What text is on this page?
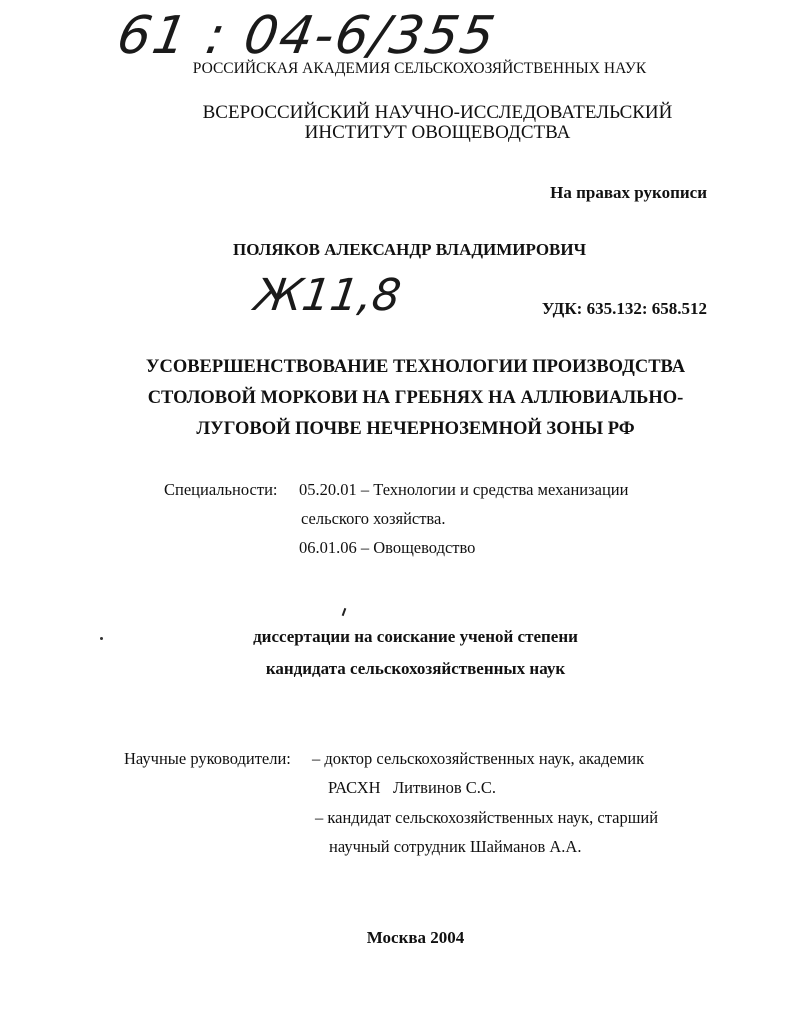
61 : 04-6/355
РОССИЙСКАЯ АКАДЕМИЯ СЕЛЬСКОХОЗЯЙСТВЕННЫХ НАУК
ВСЕРОССИЙСКИЙ НАУЧНО-ИССЛЕДОВАТЕЛЬСКИЙ
ИНСТИТУТ ОВОЩЕВОДСТВА
На правах рукописи
ПОЛЯКОВ АЛЕКСАНДР ВЛАДИМИРОВИЧ
Ж11,8	УДК: 635.132: 658.512
УСОВЕРШЕНСТВОВАНИЕ ТЕХНОЛОГИИ ПРОИЗВОДСТВА
СТОЛОВОЙ МОРКОВИ НА ГРЕБНЯХ НА АЛЛЮВИАЛЬНО-
ЛУГОВОЙ ПОЧВЕ НЕЧЕРНОЗЕМНОЙ ЗОНЫ РФ
Специальности: 05.20.01 – Технологии и средства механизации
сельского хозяйства.
06.01.06 – Овощеводство
диссертации на соискание ученой степени
кандидата сельскохозяйственных наук
Научные руководители: – доктор сельскохозяйственных наук, академик
РАСХН   Литвинов С.С.
– кандидат сельскохозяйственных наук, старший
научный сотрудник Шайманов А.А.
Москва 2004
